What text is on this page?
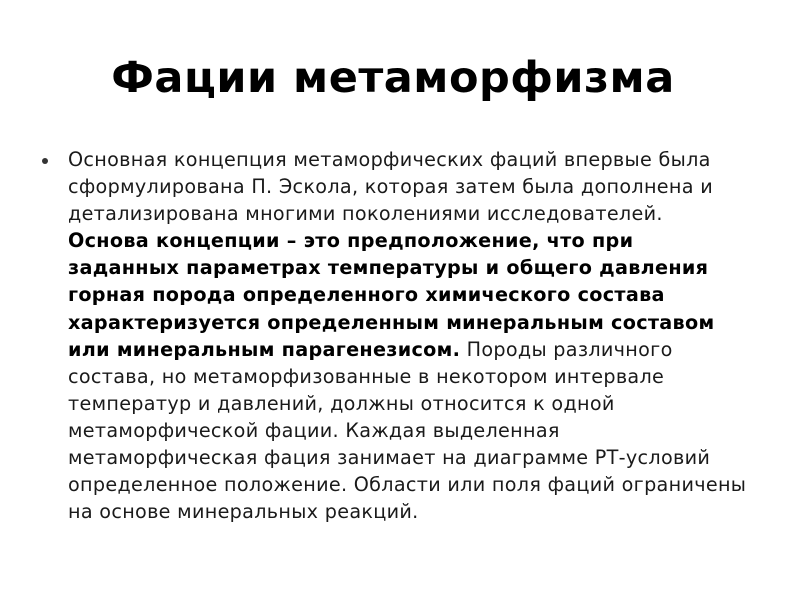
Фации метаморфизма
Основная концепция метаморфических фаций впервые была сформулирована П. Эскола, которая затем была дополнена и детализирована многими поколениями исследователей. Основа концепции – это предположение, что при заданных параметрах температуры и общего давления горная порода определенного химического состава характеризуется определенным минеральным составом или минеральным парагенезисом. Породы различного состава, но метаморфизованные в некотором интервале температур и давлений, должны относится к одной метаморфической фации. Каждая выделенная метаморфическая фация занимает на диаграмме РТ-условий определенное положение. Области или поля фаций ограничены на основе минеральных реакций.
